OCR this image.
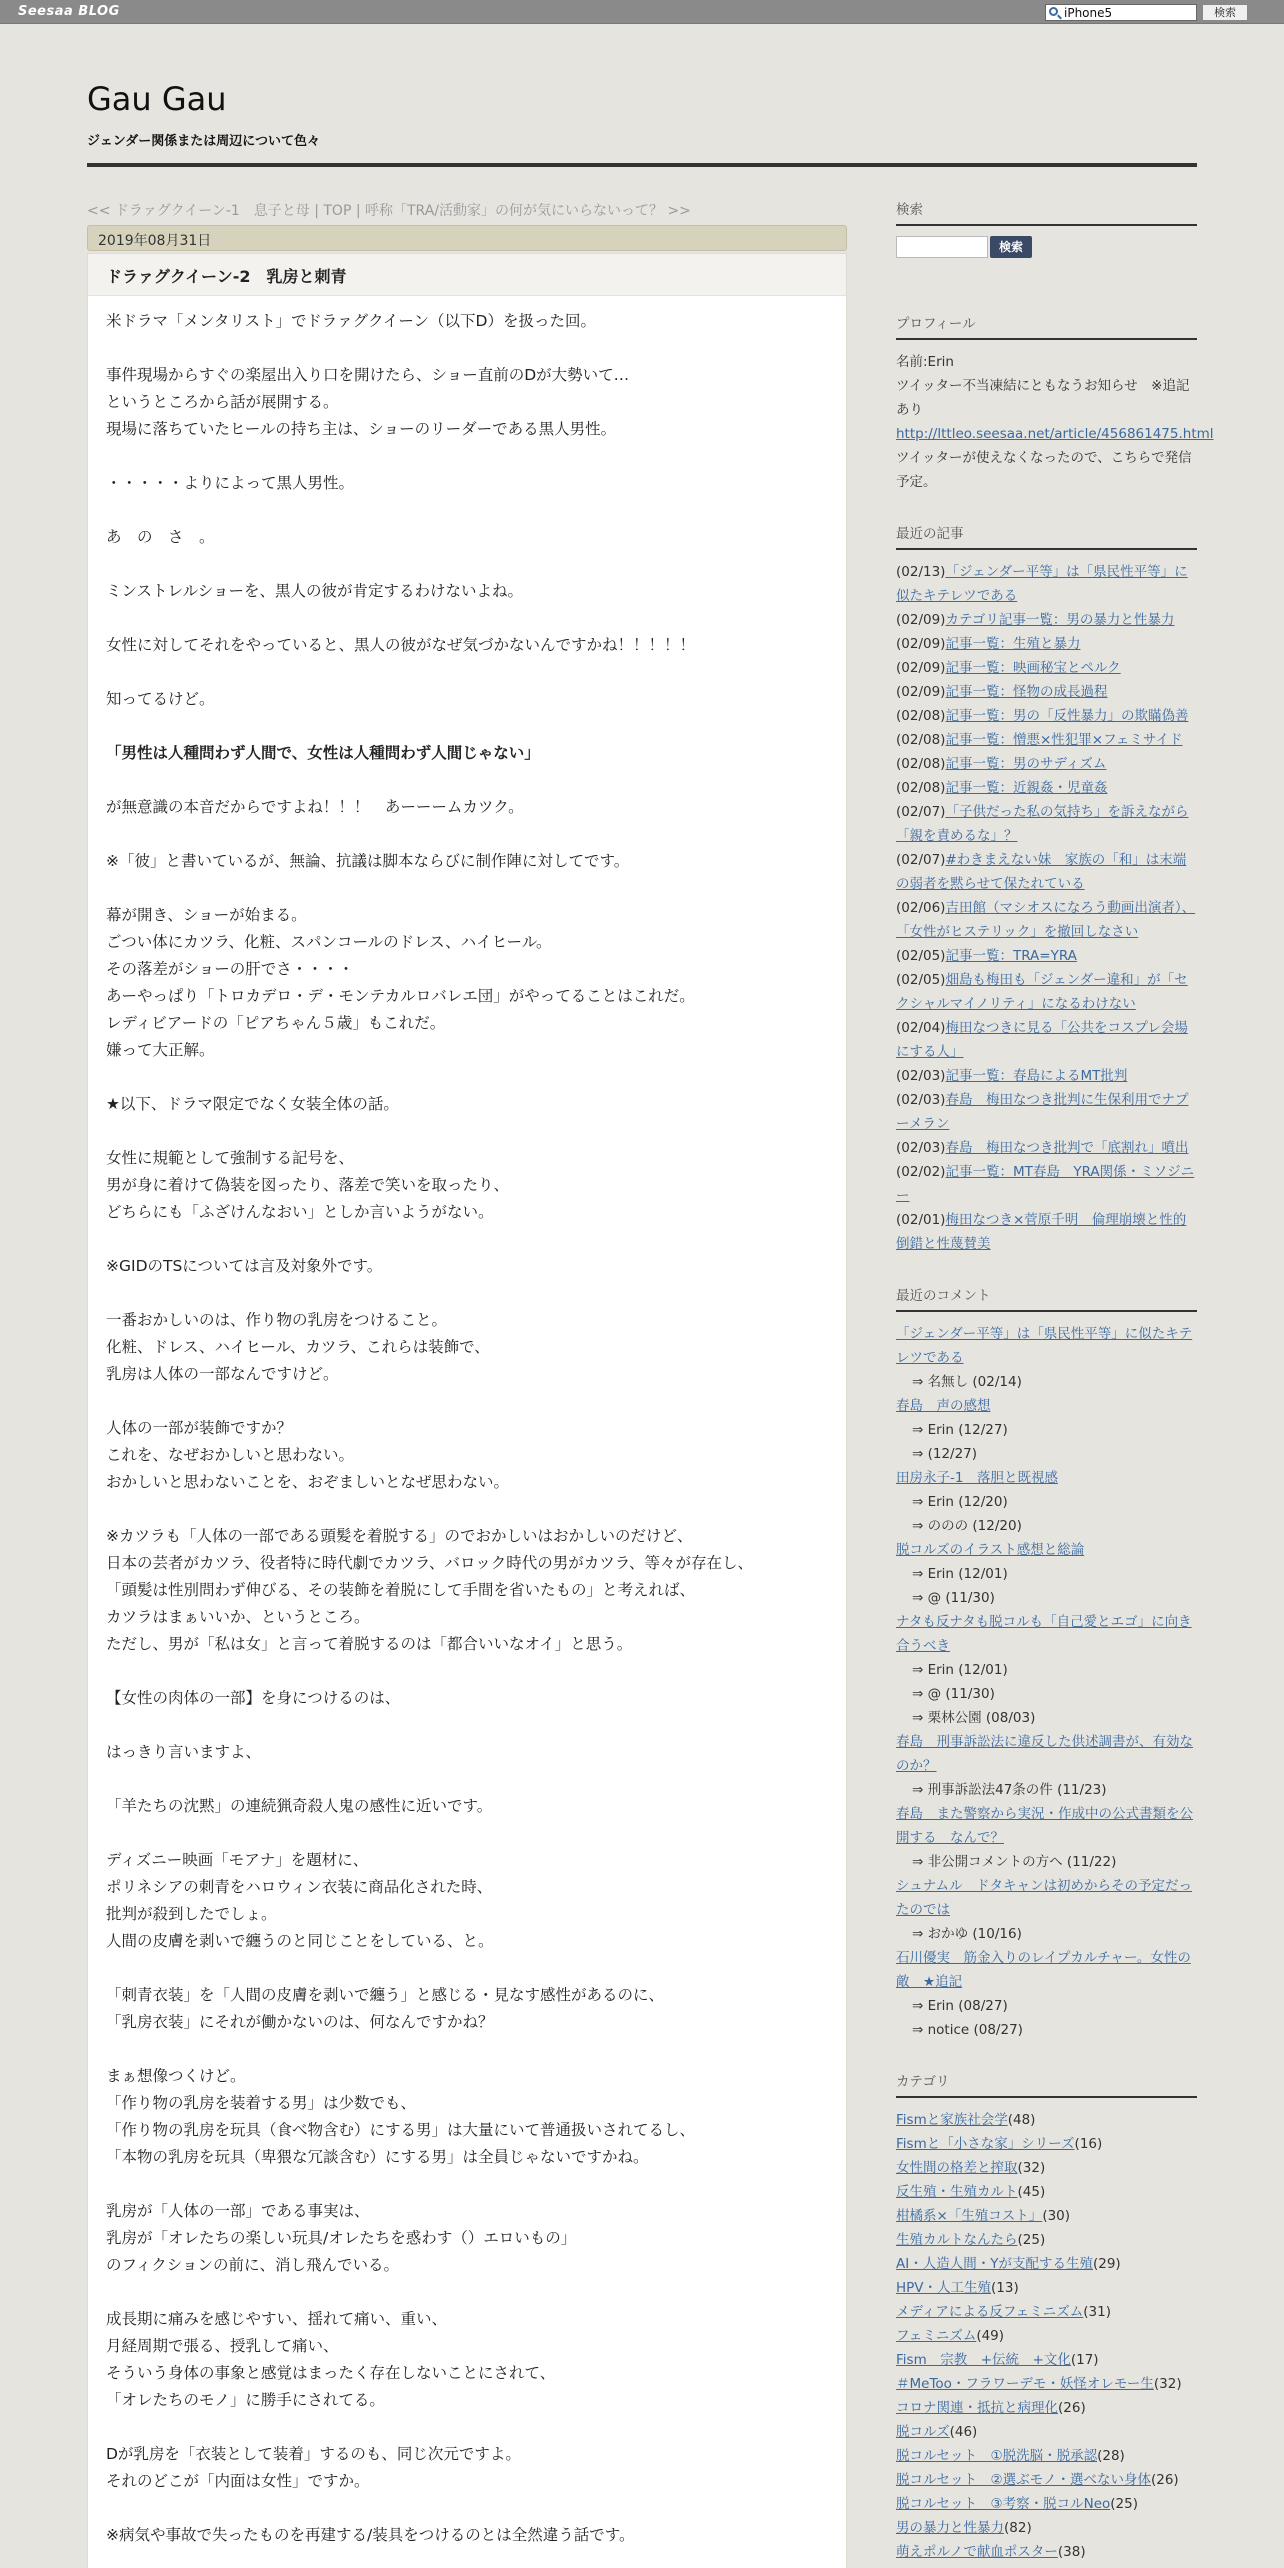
Seesaa BLOG	iPhone5	検索
Gau Gau
ジェンダー関係または周辺について色々
<< ドラァグクイーン-1　息子と母 | TOP | 呼称「TRA/活動家」の何が気にいらないって？ >>
2019年08月31日
ドラァグクイーン-2　乳房と刺青

米ドラマ「メンタリスト」でドラァグクイーン（以下D）を扱った回。

事件現場からすぐの楽屋出入り口を開けたら、ショー直前のDが大勢いて…

というところから話が展開する。

現場に落ちていたヒールの持ち主は、ショーのリーダーである黒人男性。

・・・・・よりによって黒人男性。

あ　の　さ　。

ミンストレルショーを、黒人の彼が肯定するわけないよね。

女性に対してそれをやっていると、黒人の彼がなぜ気づかないんですかね！！！！！

知ってるけど。

「男性は人種問わず人間で、女性は人種問わず人間じゃない」

が無意識の本音だからですよね！！！　あーーームカツク。

※「彼」と書いているが、無論、抗議は脚本ならびに制作陣に対してです。

幕が開き、ショーが始まる。

ごつい体にカツラ、化粧、スパンコールのドレス、ハイヒール。

その落差がショーの肝でさ・・・・

あーやっぱり「トロカデロ・デ・モンテカルロバレエ団」がやってることはこれだ。

レディビアードの「ピアちゃん５歳」もこれだ。

嫌って大正解。

★以下、ドラマ限定でなく女装全体の話。

女性に規範として強制する記号を、

男が身に着けて偽装を図ったり、落差で笑いを取ったり、

どちらにも「ふざけんなおい」としか言いようがない。

※GIDのTSについては言及対象外です。

一番おかしいのは、作り物の乳房をつけること。

化粧、ドレス、ハイヒール、カツラ、これらは装飾で、

乳房は人体の一部なんですけど。

人体の一部が装飾ですか？

これを、なぜおかしいと思わない。

おかしいと思わないことを、おぞましいとなぜ思わない。

※カツラも「人体の一部である頭髪を着脱する」のでおかしいはおかしいのだけど、

日本の芸者がカツラ、役者特に時代劇でカツラ、バロック時代の男がカツラ、等々が存在し、

「頭髪は性別問わず伸びる、その装飾を着脱にして手間を省いたもの」と考えれば、

カツラはまぁいいか、というところ。

ただし、男が「私は女」と言って着脱するのは「都合いいなオイ」と思う。

【女性の肉体の一部】を身につけるのは、

はっきり言いますよ、

「羊たちの沈黙」の連続猟奇殺人鬼の感性に近いです。

ディズニー映画「モアナ」を題材に、

ポリネシアの刺青をハロウィン衣装に商品化された時、

批判が殺到したでしょ。

人間の皮膚を剥いで纏うのと同じことをしている、と。

「刺青衣装」を「人間の皮膚を剥いで纏う」と感じる・見なす感性があるのに、

「乳房衣装」にそれが働かないのは、何なんですかね？

まぁ想像つくけど。

「作り物の乳房を装着する男」は少数でも、

「作り物の乳房を玩具（食べ物含む）にする男」は大量にいて普通扱いされてるし、

「本物の乳房を玩具（卑猥な冗談含む）にする男」は全員じゃないですかね。

乳房が「人体の一部」である事実は、

乳房が「オレたちの楽しい玩具/オレたちを惑わす（）エロいもの」

のフィクションの前に、消し飛んでいる。

成長期に痛みを感じやすい、揺れて痛い、重い、

月経周期で張る、授乳して痛い、

そういう身体の事象と感覚はまったく存在しないことにされて、

「オレたちのモノ」に勝手にされてる。

Dが乳房を「衣装として装着」するのも、同じ次元ですよ。

それのどこが「内面は女性」ですか。

※病気や事故で失ったものを再建する/装具をつけるのとは全然違う話です。

検索
検索
プロフィール
名前:Erin
ツイッター不当凍結にともなうお知らせ　※追記あり
http://lttleo.seesaa.net/article/456861475.html
ツイッターが使えなくなったので、こちらで発信予定。
最近の記事
(02/13)「ジェンダー平等」は「県民性平等」に似たキテレツである
(02/09)カテゴリ記事一覧：男の暴力と性暴力
(02/09)記事一覧：生殖と暴力
(02/09)記事一覧：映画秘宝とペルク
(02/09)記事一覧：怪物の成長過程
(02/08)記事一覧：男の「反性暴力」の欺瞞偽善
(02/08)記事一覧：憎悪×性犯罪×フェミサイド
(02/08)記事一覧：男のサディズム
(02/08)記事一覧：近親姦・児童姦
(02/07)「子供だった私の気持ち」を訴えながら「親を責めるな」？
(02/07)#わきまえない妹　家族の「和」は末端の弱者を黙らせて保たれている
(02/06)吉田館（マシオスになろう動画出演者）、「女性がヒステリック」を撤回しなさい
(02/05)記事一覧：TRA=YRA
(02/05)畑島も梅田も「ジェンダー違和」が「セクシャルマイノリティ」になるわけない
(02/04)梅田なつきに見る「公共をコスプレ会場にする人」
(02/03)記事一覧：春島によるMT批判
(02/03)春島　梅田なつき批判に生保利用でナプーメラン
(02/03)春島　梅田なつき批判で「底割れ」噴出
(02/02)記事一覧：MT春島　YRA関係・ミソジニー
(02/01)梅田なつき×菅原千明　倫理崩壊と性的倒錯と性蔑賛美
最近のコメント
「ジェンダー平等」は「県民性平等」に似たキテレツである
⇒ 名無し (02/14)
春島　声の感想
⇒ Erin (12/27)
⇒ (12/27)
田房永子-1　落胆と既視感
⇒ Erin (12/20)
⇒ ののの (12/20)
脱コルズのイラスト感想と総論
⇒ Erin (12/01)
⇒ @ (11/30)
ナタも反ナタも脱コルも「自己愛とエゴ」に向き合うべき
⇒ Erin (12/01)
⇒ @ (11/30)
⇒ 栗林公園 (08/03)
春島　刑事訴訟法に違反した供述調書が、有効なのか？
⇒ 刑事訴訟法47条の件 (11/23)
春島　また警察から実況・作成中の公式書類を公開する　なんで？
⇒ 非公開コメントの方へ (11/22)
シュナムル　ドタキャンは初めからその予定だったのでは
⇒ おかゆ (10/16)
石川優実　筋金入りのレイプカルチャー。女性の敵　★追記
⇒ Erin (08/27)
⇒ notice (08/27)
カテゴリ
Fismと家族社会学(48)
Fismと「小さな家」シリーズ(16)
女性間の格差と搾取(32)
反生殖・生殖カルト(45)
柑橘系×「生殖コスト」(30)
生殖カルトなんたら(25)
AI・人造人間・Yが支配する生殖(29)
HPV・人工生殖(13)
メディアによる反フェミニズム(31)
フェミニズム(49)
Fism　宗教　+伝統　+文化(17)
＃MeToo・フラワーデモ・妖怪オレモー生(32)
コロナ関連・抵抗と病理化(26)
脱コルズ(46)
脱コルセット　①脱洗脳・脱承認(28)
脱コルセット　②選ぶモノ・選べない身体(26)
脱コルセット　③考察・脱コルNeo(25)
男の暴力と性暴力(82)
萌えポルノで献血ポスター(38)
